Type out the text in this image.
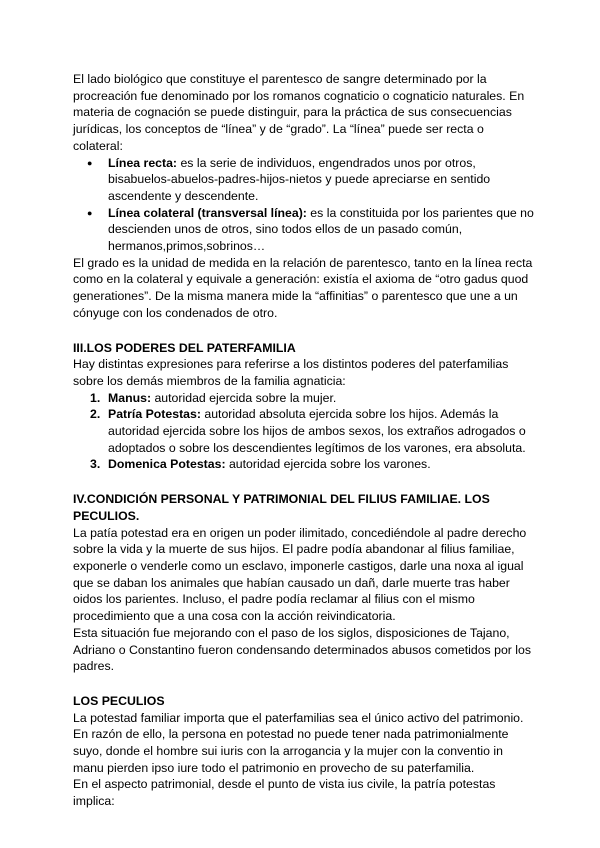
El lado biológico que constituye el parentesco de sangre determinado por la procreación fue denominado por los romanos cognaticio o cognaticio naturales. En materia de cognación se puede distinguir, para la práctica de sus consecuencias jurídicas, los conceptos de “línea” y de “grado”. La “línea” puede ser recta o colateral:

● Línea recta: es la serie de individuos, engendrados unos por otros, bisabuelos-abuelos-padres-hijos-nietos y puede apreciarse en sentido ascendente y descendente.
● Línea colateral (transversal línea): es la constituida por los parientes que no descienden unos de otros, sino todos ellos de un pasado común, hermanos,primos,sobrinos…

El grado es la unidad de medida en la relación de parentesco, tanto en la línea recta como en la colateral y equivale a generación: existía el axioma de “otro gadus quod generationes”. De la misma manera mide la “affinitias” o parentesco que une a un cónyuge con los condenados de otro.

III.LOS PODERES DEL PATERFAMILIA

Hay distintas expresiones para referirse a los distintos poderes del paterfamilias sobre los demás miembros de la familia agnaticia:

1. Manus: autoridad ejercida sobre la mujer.
2. Patría Potestas: autoridad absoluta ejercida sobre los hijos. Además la autoridad ejercida sobre los hijos de ambos sexos, los extraños adrogados o adoptados o sobre los descendientes legítimos de los varones, era absoluta.
3. Domenica Potestas: autoridad ejercida sobre los varones.

IV.CONDICIÓN PERSONAL Y PATRIMONIAL DEL FILIUS FAMILIAE. LOS PECULIOS.

La patía potestad era en origen un poder ilimitado, concediéndole al padre derecho sobre la vida y la muerte de sus hijos. El padre podía abandonar al filius familiae, exponerle o venderle como un esclavo, imponerle castigos, darle una noxa al igual que se daban los animales que habían causado un dañ, darle muerte tras haber oidos los parientes. Incluso, el padre podía reclamar al filius con el mismo procedimiento que a una cosa con la acción reivindicatoria.

Esta situación fue mejorando con el paso de los siglos, disposiciones de Tajano, Adriano o Constantino fueron condensando determinados abusos cometidos por los padres.

LOS PECULIOS

La potestad familiar importa que el paterfamilias sea el único activo del patrimonio. En razón de ello, la persona en potestad no puede tener nada patrimonialmente suyo, donde el hombre sui iuris con la arrogancia y la mujer con la conventio in manu pierden ipso iure todo el patrimonio en provecho de su paterfamilia.

En el aspecto patrimonial, desde el punto de vista ius civile, la patría potestas implica:
